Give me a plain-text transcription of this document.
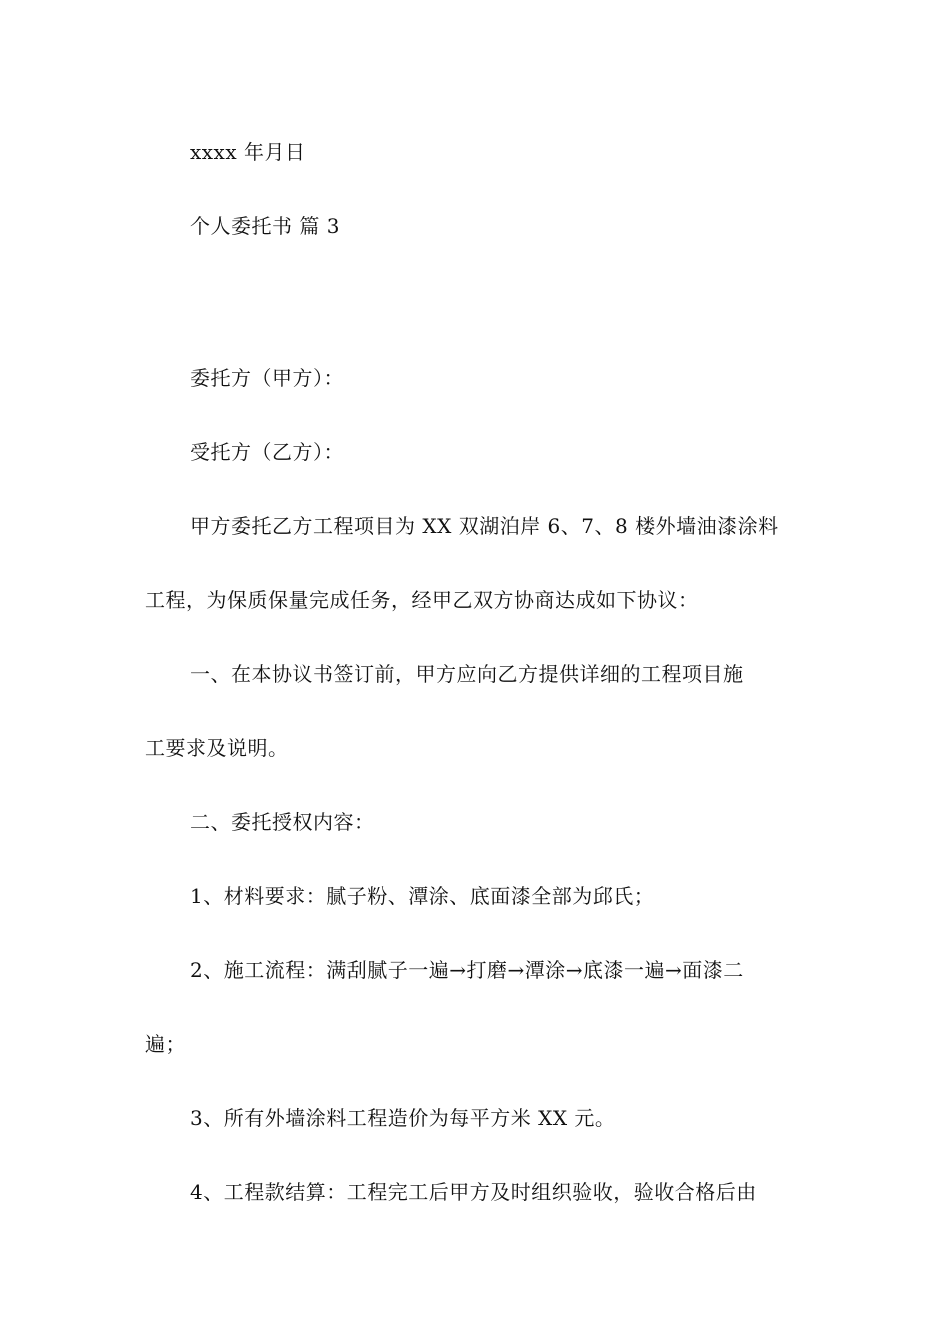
xxxx 年月日
个人委托书 篇 3
委托方（甲方）：
受托方（乙方）：
甲方委托乙方工程项目为 XX 双湖泊岸 6、7、8 楼外墙油漆涂料
工程，为保质保量完成任务，经甲乙双方协商达成如下协议：
一、在本协议书签订前，甲方应向乙方提供详细的工程项目施
工要求及说明。
二、委托授权内容：
1、材料要求：腻子粉、潭涂、底面漆全部为邱氏；
2、施工流程：满刮腻子一遍→打磨→潭涂→底漆一遍→面漆二
遍；
3、所有外墙涂料工程造价为每平方米 XX 元。
4、工程款结算：工程完工后甲方及时组织验收，验收合格后由
